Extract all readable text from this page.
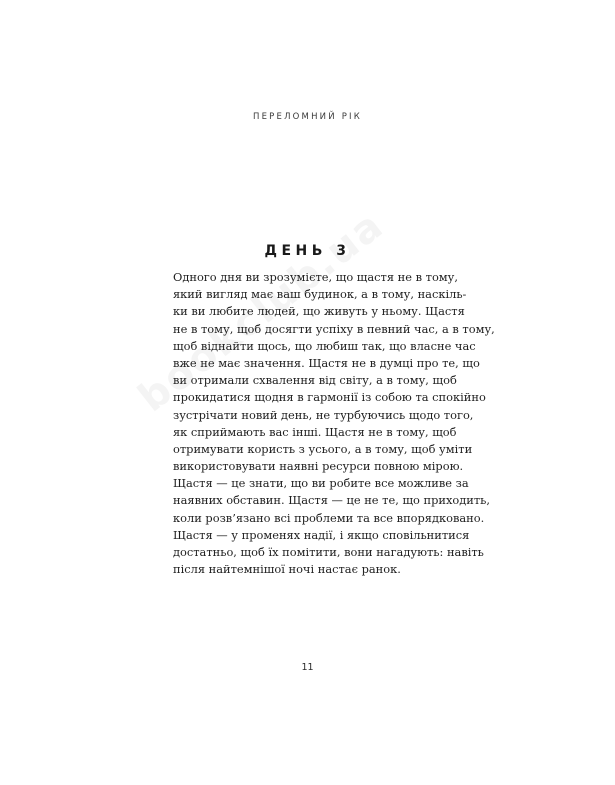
ПЕРЕЛОМНИЙ РІК
ДЕНЬ 3

Одного дня ви зрозумієте, що щастя не в тому,
який вигляд має ваш будинок, а в тому, наскіль-
ки ви любите людей, що живуть у ньому. Щастя
не в тому, щоб досягти успіху в певний час, а в тому,
щоб віднайти щось, що любиш так, що власне час
вже не має значення. Щастя не в думці про те, що
ви отримали схвалення від світу, а в тому, щоб
прокидатися щодня в гармонії із собою та спокійно
зустрічати новий день, не турбуючись щодо того,
як сприймають вас інші. Щастя не в тому, щоб
отримувати користь з усього, а в тому, щоб уміти
використовувати наявні ресурси повною мірою.
Щастя — це знати, що ви робите все можливе за
наявних обставин. Щастя — це не те, що приходить,
коли розв’язано всі проблеми та все впорядковано.
Щастя — у променях надії, і якщо сповільнитися
достатньо, щоб їх помітити, вони нагадують: навіть
після найтемнішої ночі настає ранок.

11
